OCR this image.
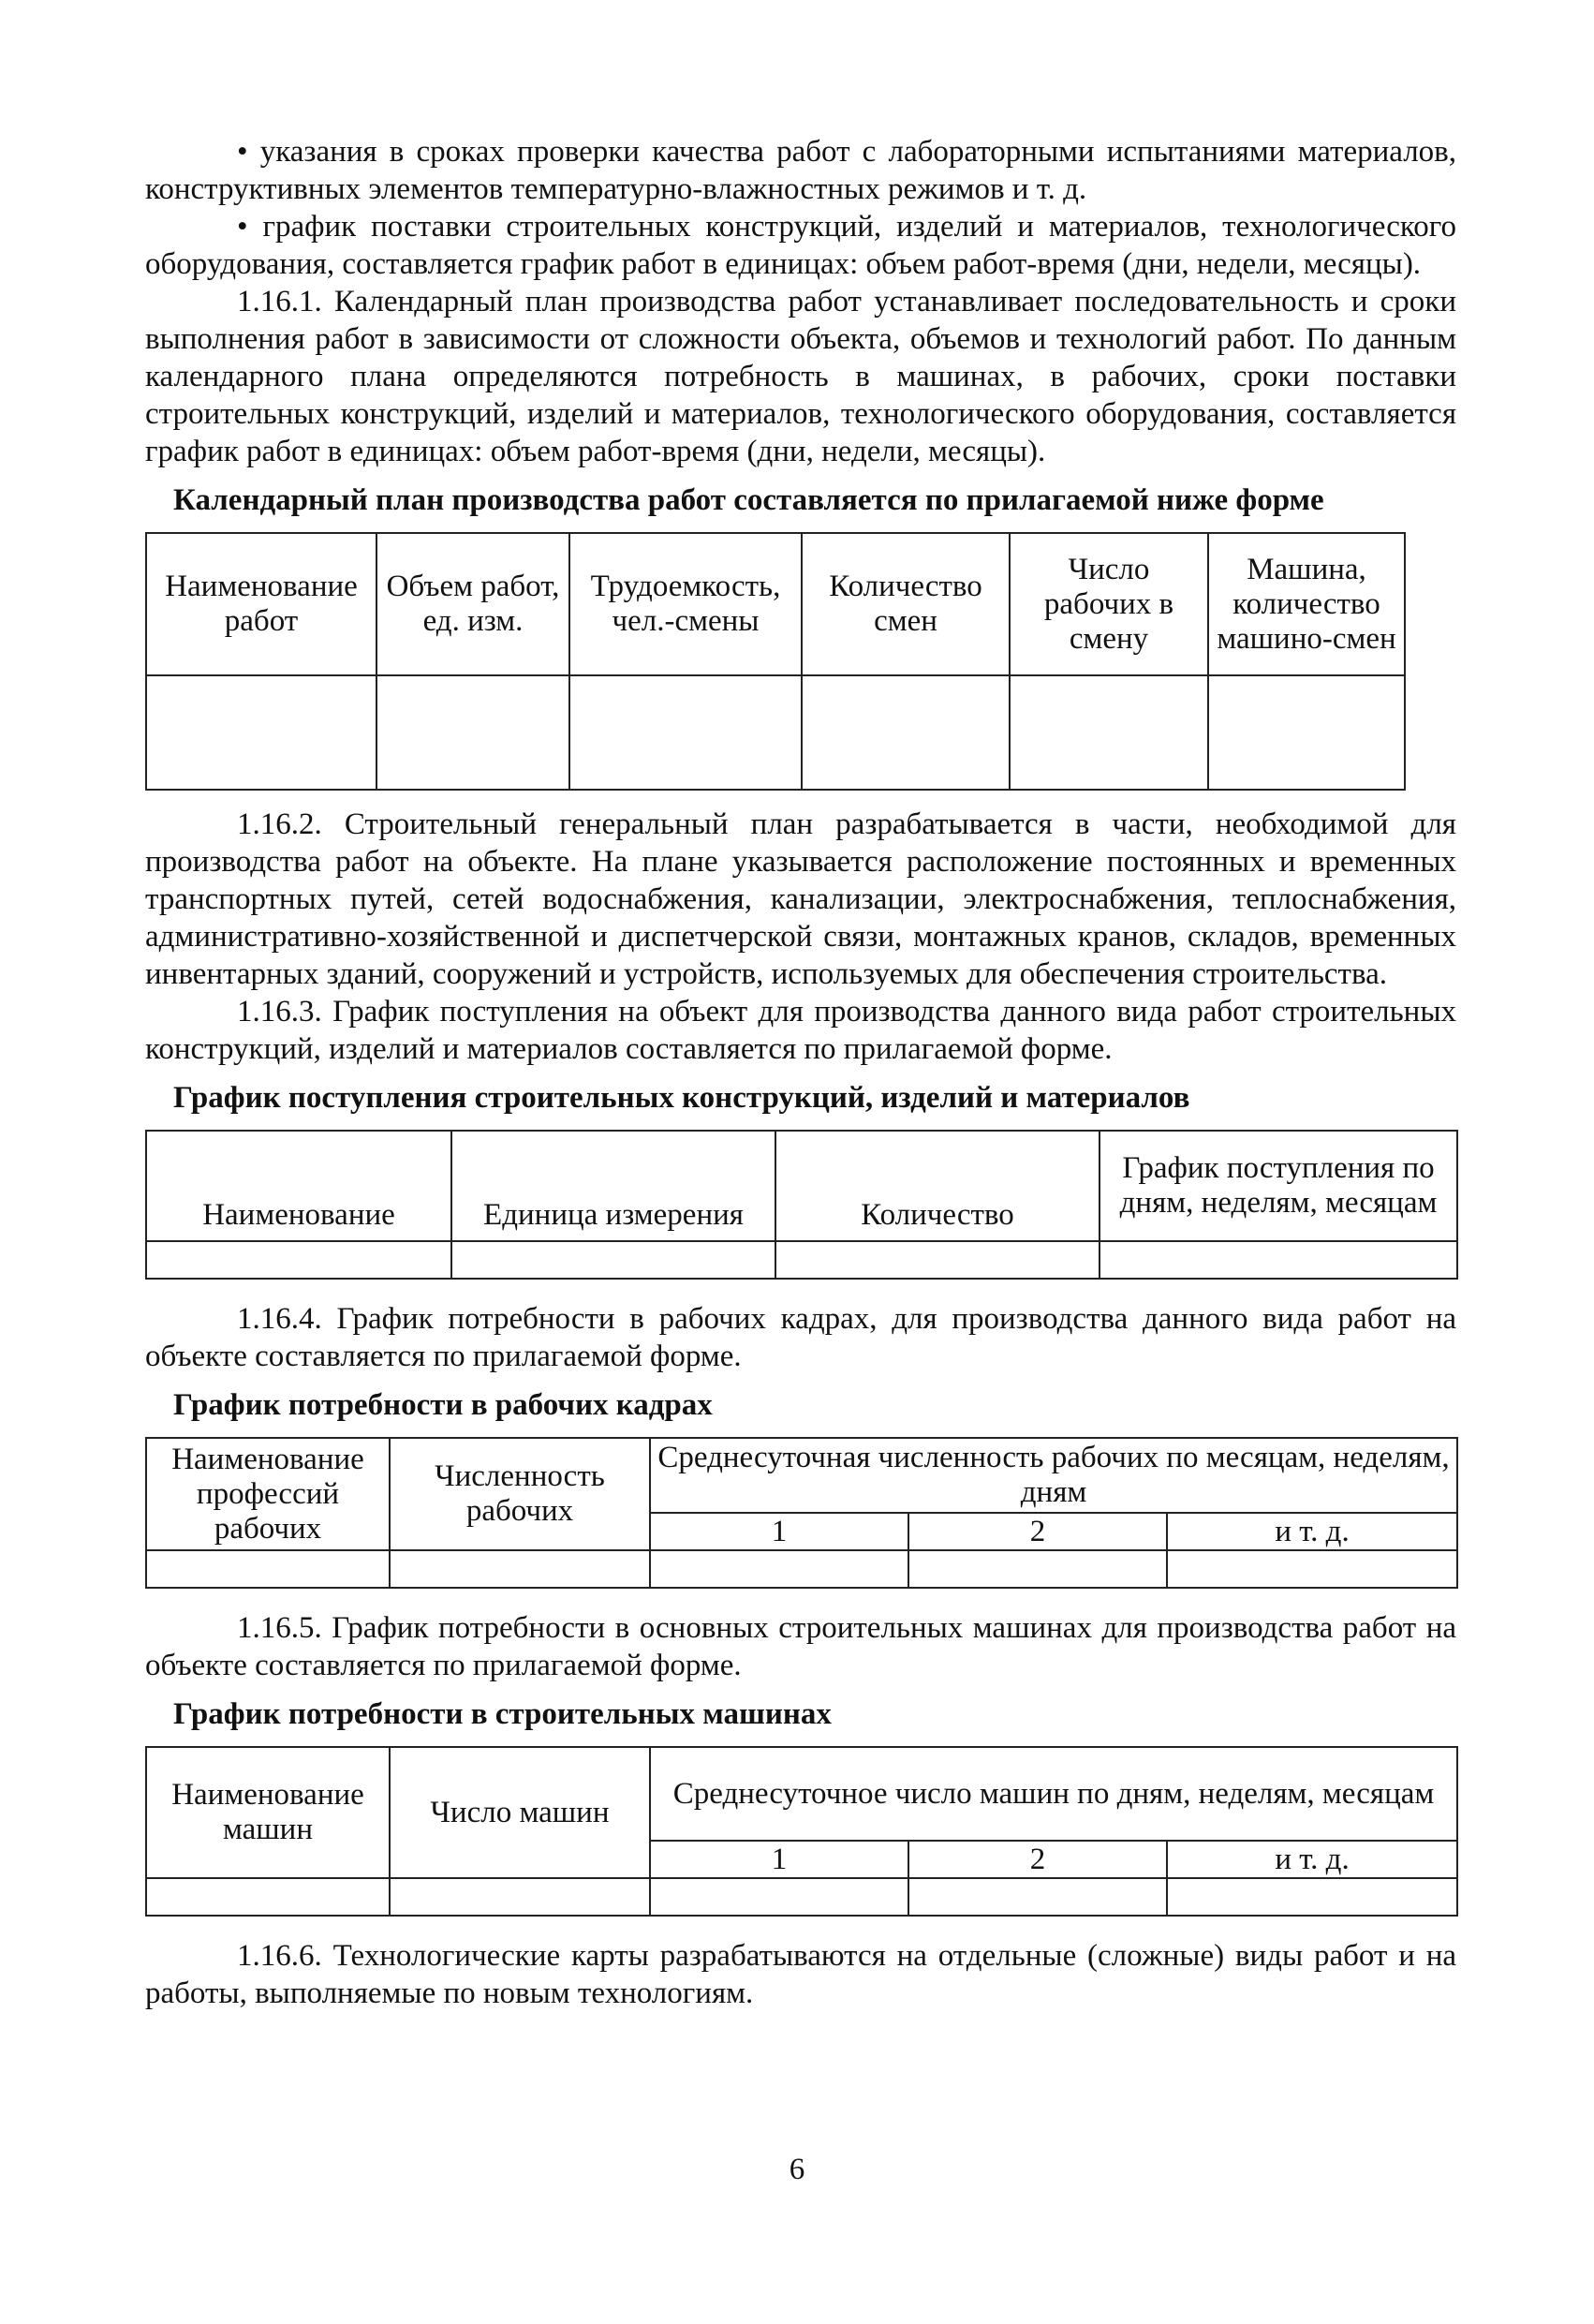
• указания в сроках проверки качества работ с лабораторными испытаниями материалов, конструктивных элементов температурно-влажностных режимов и т. д.

• график поставки строительных конструкций, изделий и материалов, технологического оборудования, составляется график работ в единицах: объем работ-время (дни, недели, месяцы).

1.16.1. Календарный план производства работ устанавливает последовательность и сроки выполнения работ в зависимости от сложности объекта, объемов и технологий работ. По данным календарного плана определяются потребность в машинах, в рабочих, сроки поставки строительных конструкций, изделий и материалов, технологического оборудования, составляется график работ в единицах: объем работ-время (дни, недели, месяцы).

Календарный план производства работ составляется по прилагаемой ниже форме
Наименование работ	Объем работ, ед. изм.	Трудоемкость, чел.-смены	Количество смен	Число рабочих в смену	Машина, количество машино-смен

1.16.2. Строительный генеральный план разрабатывается в части, необходимой для производства работ на объекте. На плане указывается расположение постоянных и временных транспортных путей, сетей водоснабжения, канализации, электроснабжения, теплоснабжения, административно-хозяйственной и диспетчерской связи, монтажных кранов, складов, временных инвентарных зданий, сооружений и устройств, используемых для обеспечения строительства.

1.16.3. График поступления на объект для производства данного вида работ строительных конструкций, изделий и материалов составляется по прилагаемой форме.

График поступления строительных конструкций, изделий и материалов
Наименование	Единица измерения	Количество	График поступления по дням, неделям, месяцам

1.16.4. График потребности в рабочих кадрах, для производства данного вида работ на объекте составляется по прилагаемой форме.

График потребности в рабочих кадрах
Наименование профессий рабочих	Численность рабочих	Среднесуточная численность рабочих по месяцам, неделям, дням		
		1	2	и т. д.

1.16.5. График потребности в основных строительных машинах для производства работ на объекте составляется по прилагаемой форме.

График потребности в строительных машинах
Наименование машин	Число машин	Среднесуточное число машин по дням, неделям, месяцам		
		1	2	и т. д.

1.16.6. Технологические карты разрабатываются на отдельные (сложные) виды работ и на работы, выполняемые по новым технологиям.

6
